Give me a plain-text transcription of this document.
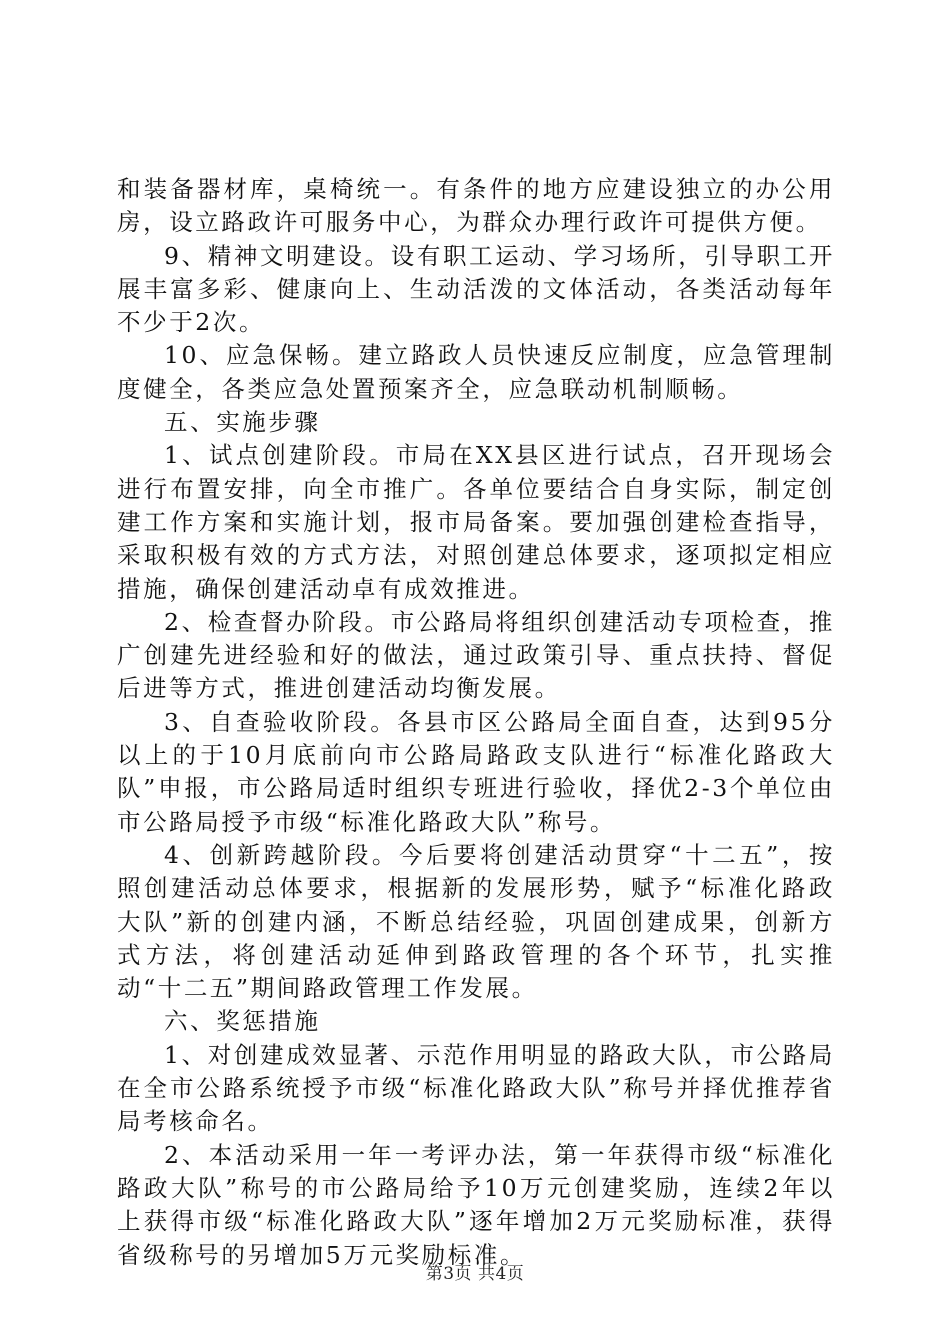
和装备器材库，桌椅统一。有条件的地方应建设独立的办公用房，设立路政许可服务中心，为群众办理行政许可提供方便。

9、精神文明建设。设有职工运动、学习场所，引导职工开展丰富多彩、健康向上、生动活泼的文体活动，各类活动每年不少于2次。

10、应急保畅。建立路政人员快速反应制度，应急管理制度健全，各类应急处置预案齐全，应急联动机制顺畅。

五、实施步骤

1、试点创建阶段。市局在XX县区进行试点，召开现场会进行布置安排，向全市推广。各单位要结合自身实际，制定创建工作方案和实施计划，报市局备案。要加强创建检查指导，采取积极有效的方式方法，对照创建总体要求，逐项拟定相应措施，确保创建活动卓有成效推进。

2、检查督办阶段。市公路局将组织创建活动专项检查，推广创建先进经验和好的做法，通过政策引导、重点扶持、督促后进等方式，推进创建活动均衡发展。

3、自查验收阶段。各县市区公路局全面自查，达到95分以上的于10月底前向市公路局路政支队进行“标准化路政大队”申报，市公路局适时组织专班进行验收，择优2-3个单位由市公路局授予市级“标准化路政大队”称号。

4、创新跨越阶段。今后要将创建活动贯穿“十二五”，按照创建活动总体要求，根据新的发展形势，赋予“标准化路政大队”新的创建内涵，不断总结经验，巩固创建成果，创新方式方法，将创建活动延伸到路政管理的各个环节，扎实推动“十二五”期间路政管理工作发展。

六、奖惩措施

1、对创建成效显著、示范作用明显的路政大队，市公路局在全市公路系统授予市级“标准化路政大队”称号并择优推荐省局考核命名。

2、本活动采用一年一考评办法，第一年获得市级“标准化路政大队”称号的市公路局给予10万元创建奖励，连续2年以上获得市级“标准化路政大队”逐年增加2万元奖励标准，获得省级称号的另增加5万元奖励标准。

第3页 共4页
